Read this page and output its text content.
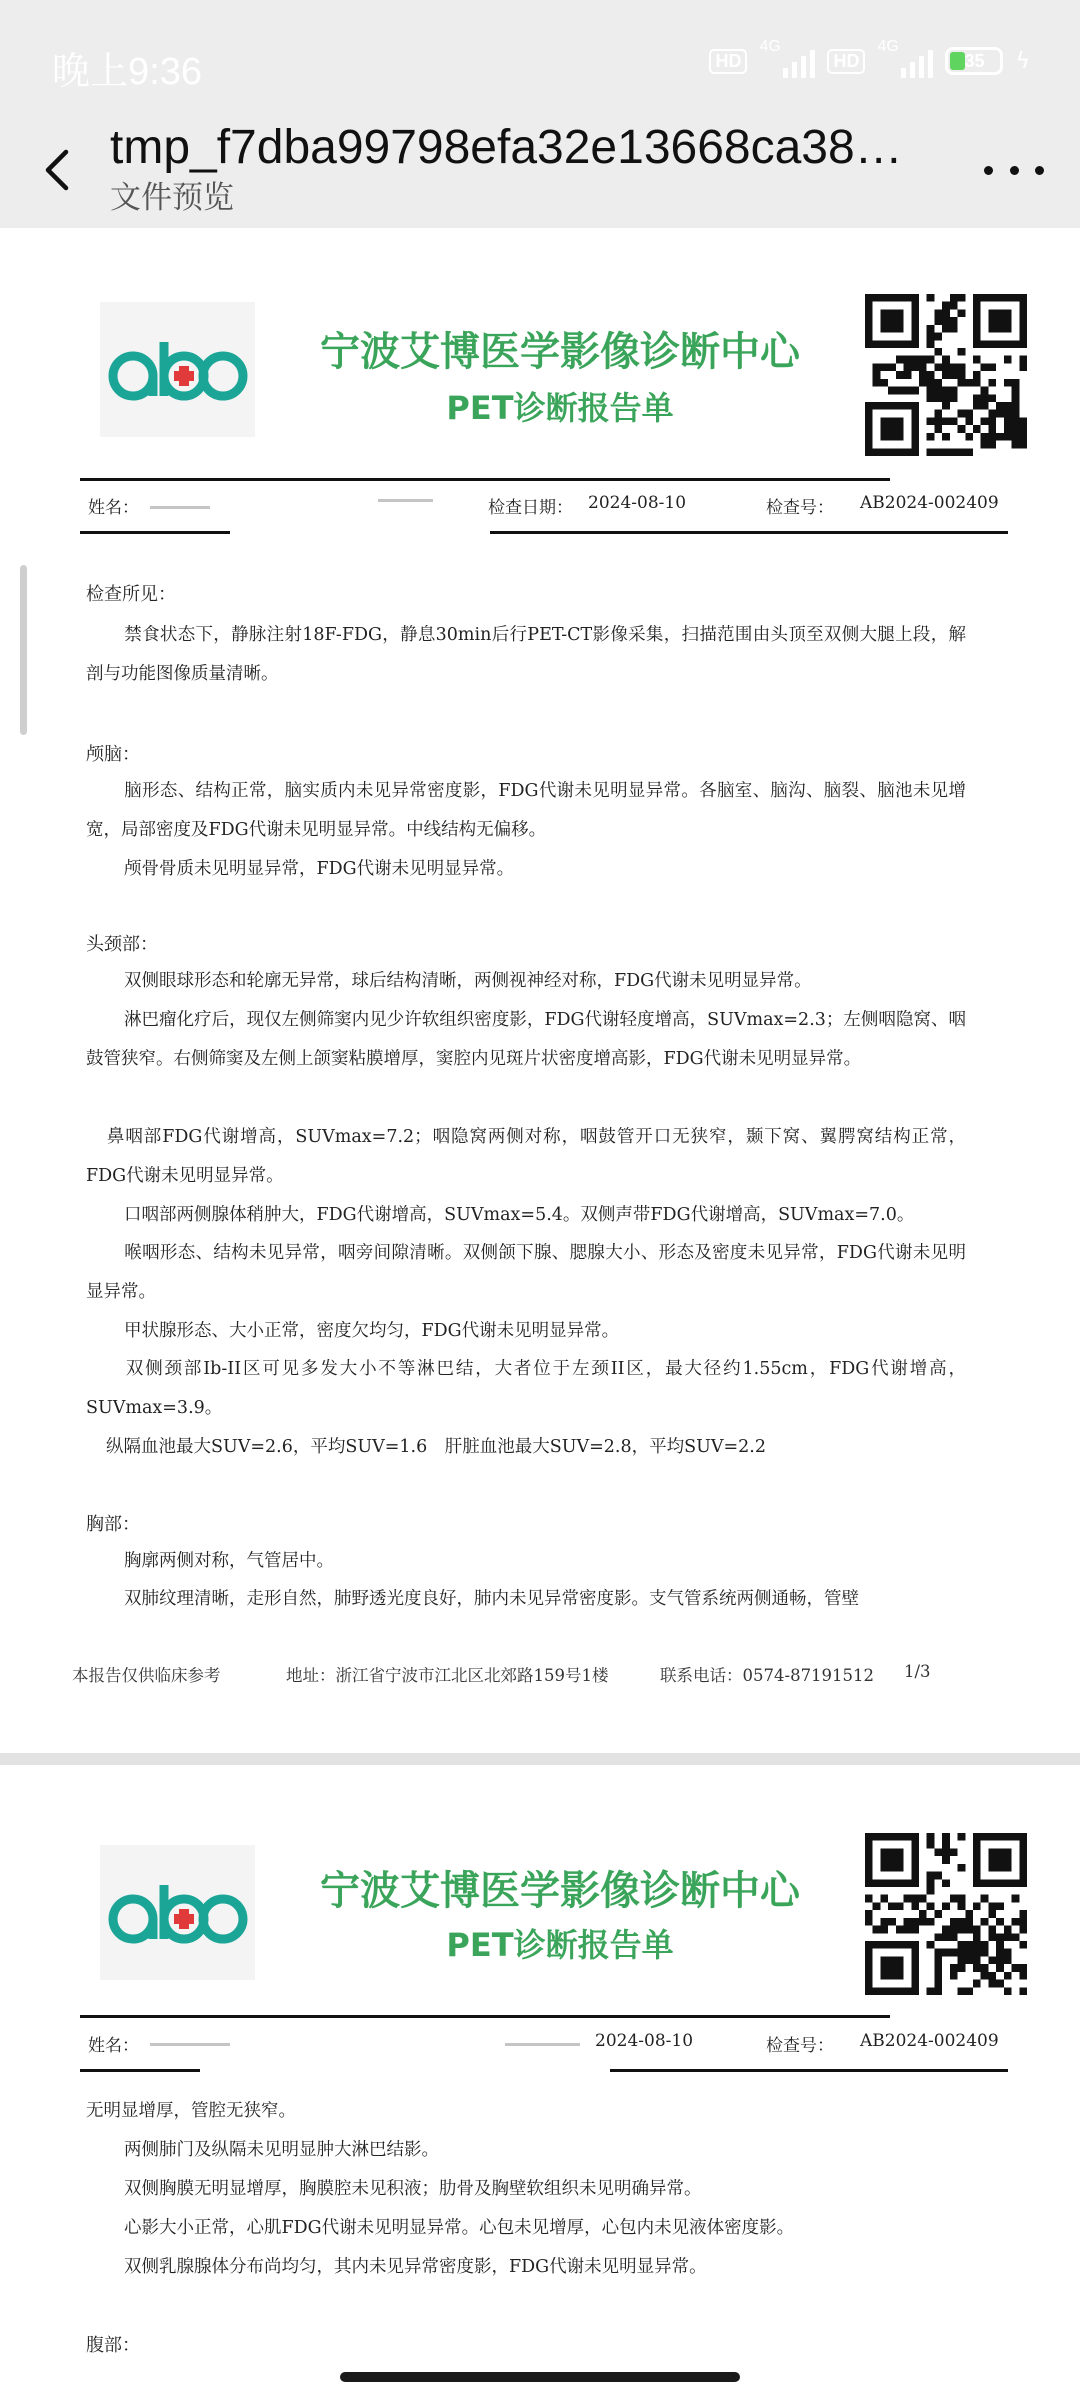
晚上9:36	HD
4G
HD
4G
35	ϟ
tmp_f7dba99798efa32e13668ca38…
文件预览
宁波艾博医学影像诊断中心
PET诊断报告单
姓名：	检查日期： 2024-08-10	检查号： AB2024-002409
检查所见：
禁食状态下，静脉注射18F-FDG，静息30min后行PET-CT影像采集，扫描范围由头顶至双侧大腿上段，解剖与功能图像质量清晰。
颅脑：
脑形态、结构正常，脑实质内未见异常密度影，FDG代谢未见明显异常。各脑室、脑沟、脑裂、脑池未见增宽，局部密度及FDG代谢未见明显异常。中线结构无偏移。
颅骨骨质未见明显异常，FDG代谢未见明显异常。
头颈部：
双侧眼球形态和轮廓无异常，球后结构清晰，两侧视神经对称，FDG代谢未见明显异常。
淋巴瘤化疗后，现仅左侧筛窦内见少许软组织密度影，FDG代谢轻度增高，SUVmax=2.3；左侧咽隐窝、咽鼓管狭窄。右侧筛窦及左侧上颌窦粘膜增厚，窦腔内见斑片状密度增高影，FDG代谢未见明显异常。
鼻咽部FDG代谢增高，SUVmax=7.2；咽隐窝两侧对称，咽鼓管开口无狭窄，颞下窝、翼腭窝结构正常，FDG代谢未见明显异常。
口咽部两侧腺体稍肿大，FDG代谢增高，SUVmax=5.4。双侧声带FDG代谢增高，SUVmax=7.0。
喉咽形态、结构未见异常，咽旁间隙清晰。双侧颌下腺、腮腺大小、形态及密度未见异常，FDG代谢未见明显异常。
甲状腺形态、大小正常，密度欠均匀，FDG代谢未见明显异常。
双侧颈部Ib-II区可见多发大小不等淋巴结，大者位于左颈II区，最大径约1.55cm，FDG代谢增高，SUVmax=3.9。
纵隔血池最大SUV=2.6，平均SUV=1.6　肝脏血池最大SUV=2.8，平均SUV=2.2
胸部：
胸廓两侧对称，气管居中。
双肺纹理清晰，走形自然，肺野透光度良好，肺内未见异常密度影。支气管系统两侧通畅，管壁
本报告仅供临床参考	地址：浙江省宁波市江北区北郊路159号1楼	联系电话：0574-87191512 1/3
宁波艾博医学影像诊断中心
PET诊断报告单
姓名：	2024-08-10	检查号： AB2024-002409
无明显增厚，管腔无狭窄。
两侧肺门及纵隔未见明显肿大淋巴结影。
双侧胸膜无明显增厚，胸膜腔未见积液；肋骨及胸壁软组织未见明确异常。
心影大小正常，心肌FDG代谢未见明显异常。心包未见增厚，心包内未见液体密度影。
双侧乳腺腺体分布尚均匀，其内未见异常密度影，FDG代谢未见明显异常。
腹部：
